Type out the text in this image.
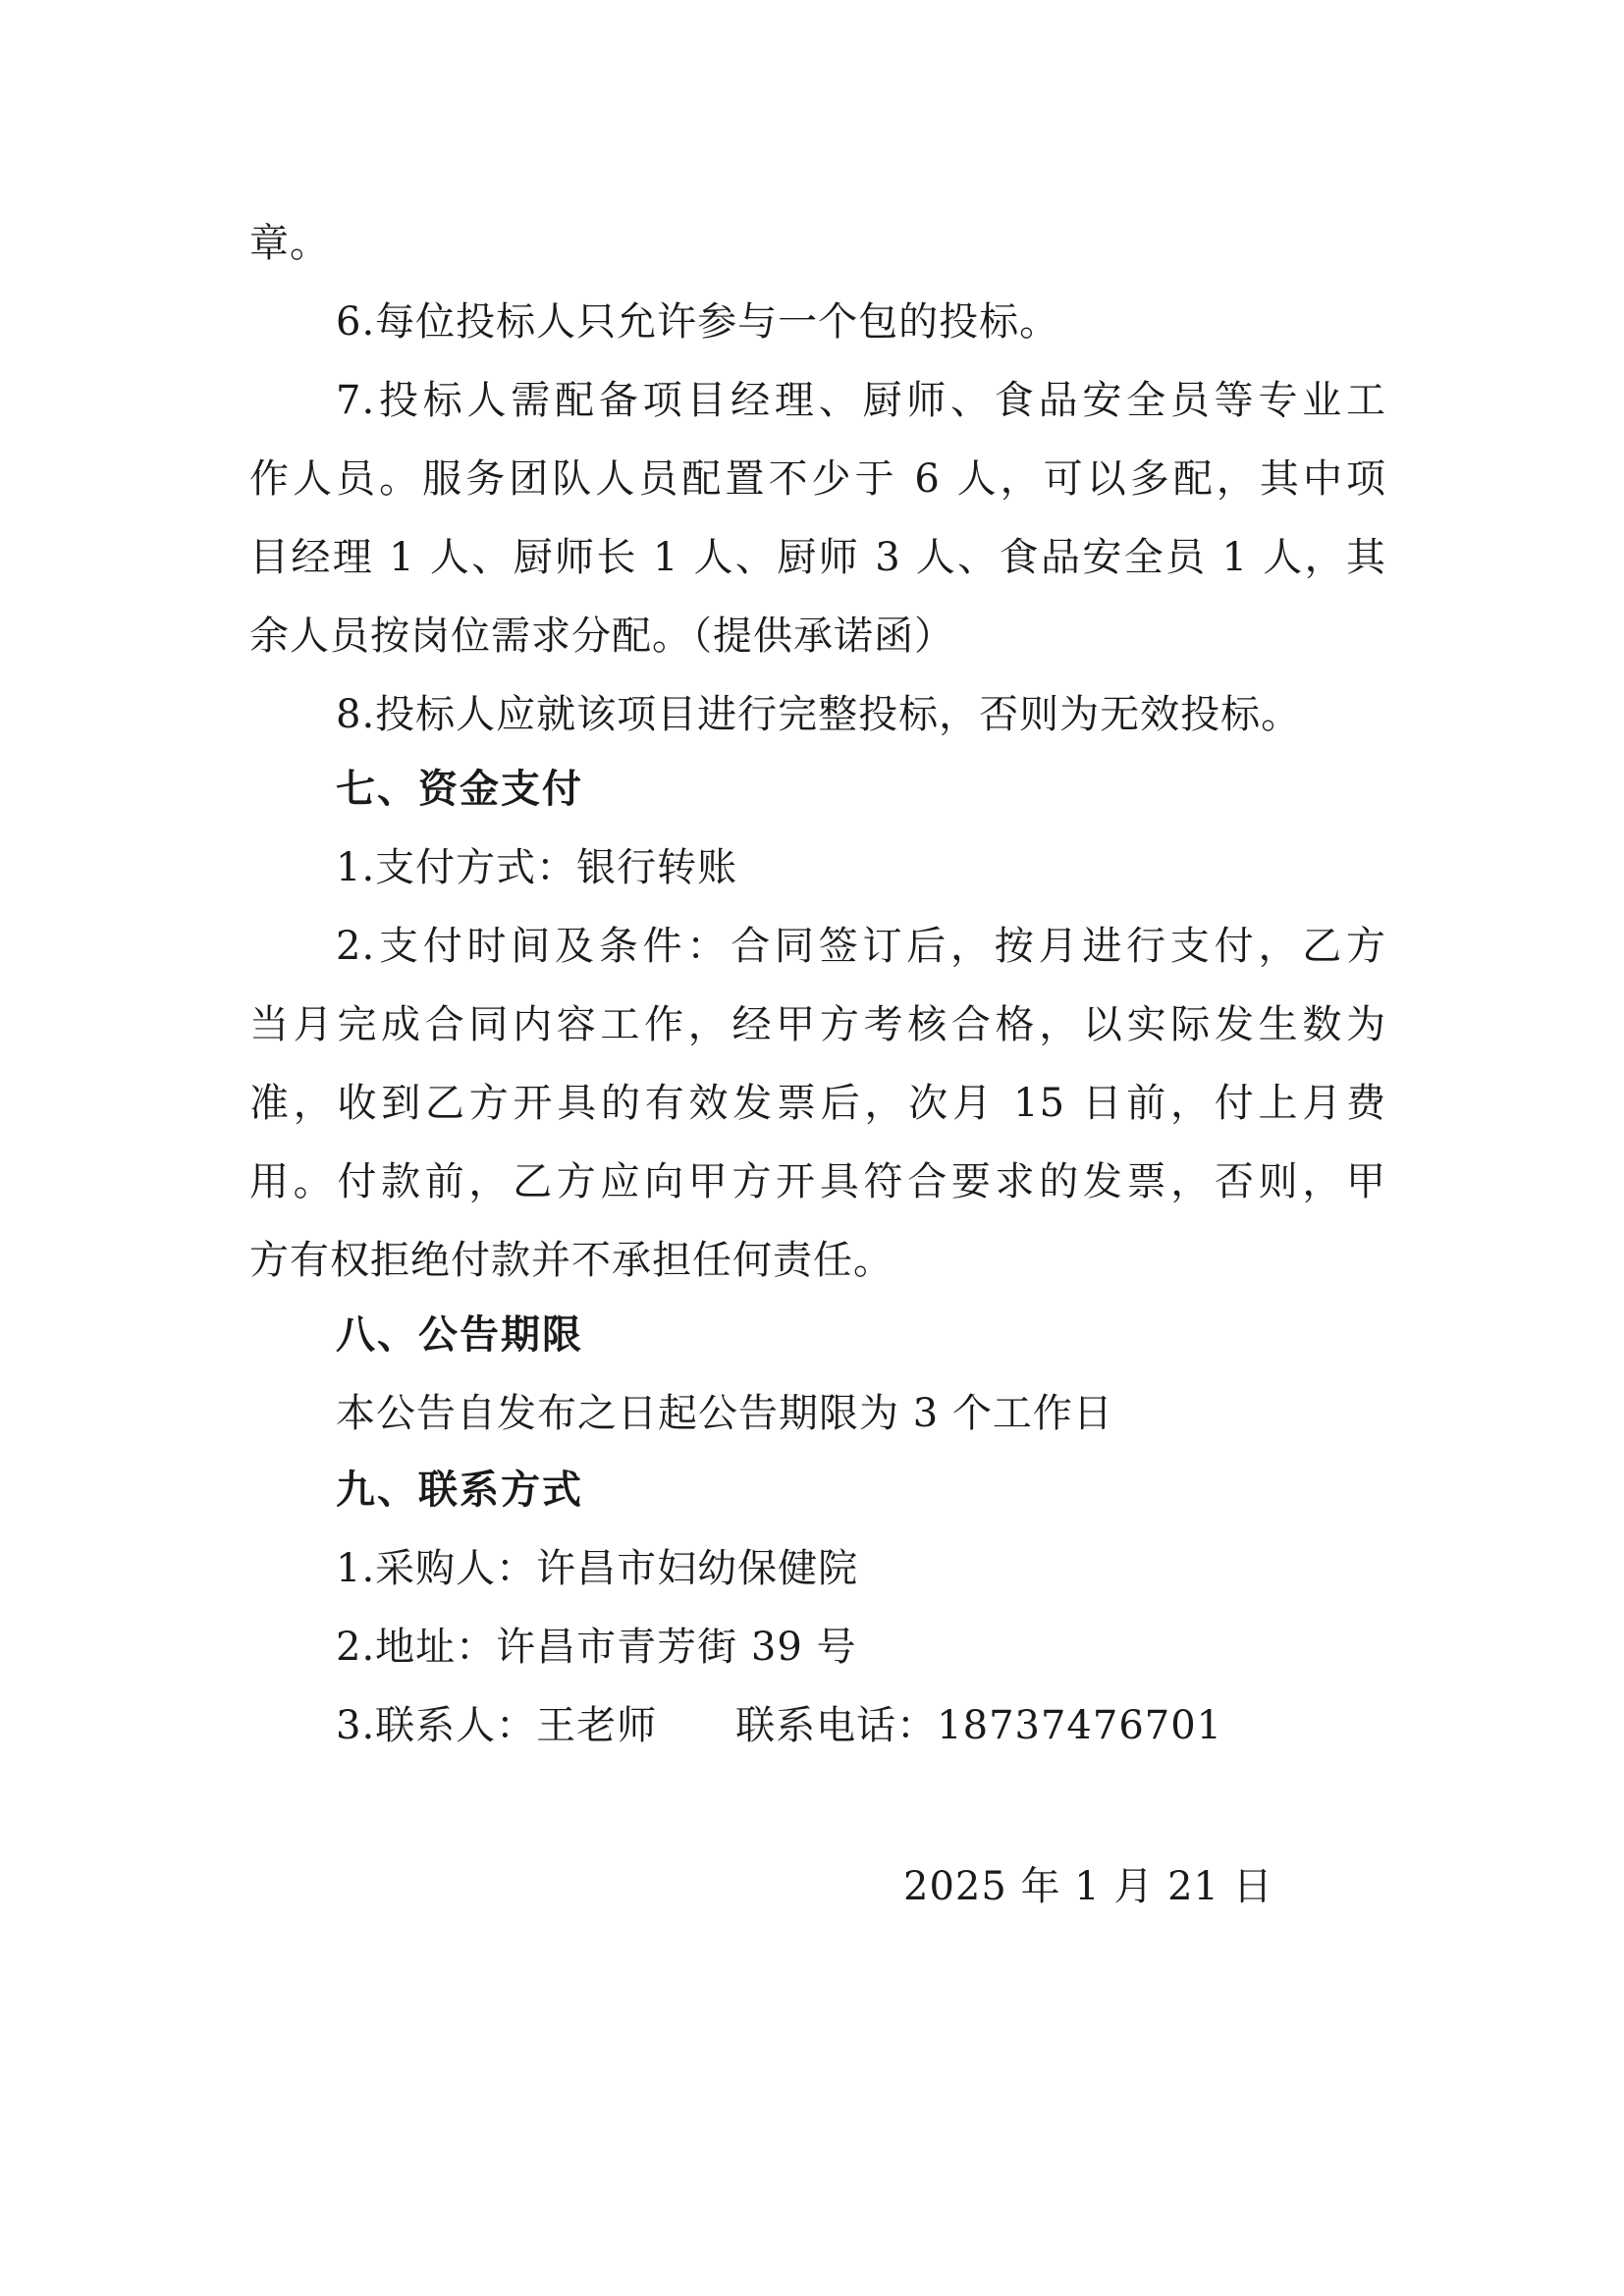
章。
6.每位投标人只允许参与一个包的投标。
7.投标人需配备项目经理、厨师、食品安全员等专业工
作人员。服务团队人员配置不少于 6 人，可以多配，其中项
目经理 1 人、厨师长 1 人、厨师 3 人、食品安全员 1 人，其
余人员按岗位需求分配。（提供承诺函）
8.投标人应就该项目进行完整投标，否则为无效投标。
七、资金支付
1.支付方式：银行转账
2.支付时间及条件：合同签订后，按月进行支付，乙方
当月完成合同内容工作，经甲方考核合格，以实际发生数为
准，收到乙方开具的有效发票后，次月 15 日前，付上月费
用。付款前，乙方应向甲方开具符合要求的发票，否则，甲
方有权拒绝付款并不承担任何责任。
八、公告期限
本公告自发布之日起公告期限为 3 个工作日
九、联系方式
1.采购人：许昌市妇幼保健院
2.地址：许昌市青芳街 39 号
3.联系人：王老师 联系电话：18737476701
2025 年 1 月 21 日
